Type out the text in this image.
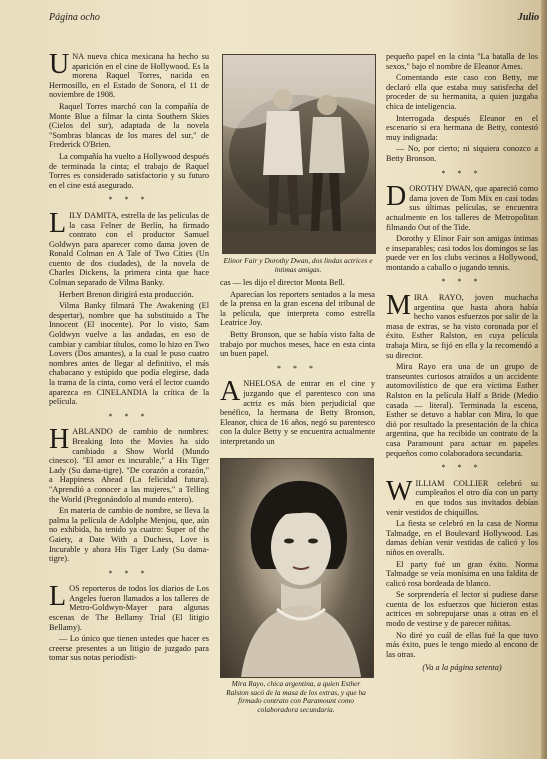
Página ocho	Julio

UNA nueva chica mexicana ha hecho su aparición en el cine de Hollywood. Es la morena Raquel Torres, nacida en Hermosillo, en el Estado de Sonora, el 11 de noviembre de 1908.

Raquel Torres marchó con la compañía de Monte Blue a filmar la cinta Southern Skies (Cielos del sur), adaptada de la novela "Sombras blancas de los mares del sur," de Frederick O'Brien.

La compañía ha vuelto a Hollywood después de terminada la cinta; el trabajo de Raquel Torres es considerado satisfactorio y su futuro en el cine está asegurado.

* * *

LILY DAMITA, estrella de las películas de la casa Felner de Berlín, ha firmado contrato con el productor Samuel Goldwyn para aparecer como dama joven de Ronald Colman en A Tale of Two Cities (Un cuento de dos ciudades), de la novela de Charles Dickens, la primera cinta que hace Colman separado de Vilma Banky.

Herbert Brenon dirigirá esta producción.

Vilma Banky filmará The Awakening (El despertar), nombre que ha substituido a The Innocent (El inocente). Por lo visto, Sam Goldwyn vuelve a las andadas, en eso de cambiar y cambiar títulos, como lo hizo en Two Lovers (Dos amantes), a la cual le puso cuatro nombres antes de llegar al definitivo, el más chabacano y estúpido que podía elegirse, dada la trama de la cinta, como verá el lector cuando aparezca en CINELANDIA la crítica de la película.

* * *

HABLANDO de cambio de nombres: Breaking Into the Movies ha sido cambiado a Show World (Mundo cinesco). "El amor es incurable," a His Tiger Lady (Su dama-tigre). "De corazón a corazón," a Happiness Ahead (La felicidad futura). "Aprendió a conocer a las mujeres," a Telling the World (Pregonándolo al mundo entero).

En materia de cambio de nombre, se lleva la palma la película de Adolphe Menjou, que, aún no exhibida, ha tenido ya cuatro: Super of the Gaiety, a Date With a Duchess, Love is Incurable y ahora His Tiger Lady (Su dama-tigre).

* * *

LOS reporteros de todos los diarios de Los Angeles fueron llamados a los talleres de Metro-Goldwyn-Mayer para algunas escenas de The Bellamy Trial (El litigio Bellamy).

— Lo único que tienen ustedes que hacer es creerse presentes a un litigio de juzgado para tomar sus notas periodísti-

Elinor Fair y Dorothy Dwan, dos lindas actrices e íntimas amigas.

cas — les dijo el director Monta Bell.

Aparecían los reporters sentados a la mesa de la prensa en la gran escena del tribunal de la película, que interpreta como estrella Leatrice Joy.

Betty Bronson, que se había visto falta de trabajo por muchos meses, hace en esta cinta un buen papel.

* * *

ANHELOSA de entrar en el cine y juzgando que el parentesco con una actriz es más bien perjudicial que benéfico, la hermana de Betty Bronson, Eleanor, chica de 16 años, negó su parentesco con la dulce Betty y se encuentra actualmente interpretando un

Mira Rayo, chica argentina, a quien Esther Ralston sacó de la masa de los extras, y que ha firmado contrato con Paramount como colaboradora secundaria.

pequeño papel en la cinta "La batalla de los sexos," bajo el nombre de Eleanor Ames.

Comentando este caso con Betty, me declaró ella que estaba muy satisfecha del proceder de su hermanita, a quien juzgaba chica de inteligencia.

Interrogada después Eleanor en el escenario si era hermana de Betty, contestó muy indignada:

— No, por cierto; ni siquiera conozco a Betty Bronson.

* * *

DOROTHY DWAN, que apareció como dama joven de Tom Mix en casi todas sus últimas películas, se encuentra actualmente en los talleres de Metropolitan filmando Out of the Tide.

Dorothy y Elinor Fair son amigas íntimas e inseparables; casi todos los domingos se las puede ver en los clubs vecinos a Hollywood, montando a caballo o jugando tennis.

* * *

MIRA RAYO, joven muchacha argentina que hasta ahora había hecho vanos esfuerzos por salir de la masa de extras, se ha visto coronada por el éxito. Esther Ralston, en cuya película trabaja Mira, se fijó en ella y la recomendó a su director.

Mira Rayo era una de un grupo de transeuntes curiosos atraídos a un accidente automovilístico de que era víctima Esther Ralston en la película Half a Bride (Medio casada — literal). Terminada la escena, Esther se detuvo a hablar con Mira, lo que dió por resultado la presentación de la chica argentina, que ha recibido un contrato de la casa Paramount para actuar en papeles pequeños como colaboradora secundaria.

* * *

WILLIAM COLLIER celebró su cumpleaños el otro día con un party en que todos sus invitados debían venir vestidos de chiquillos.

La fiesta se celebró en la casa de Norma Talmadge, en el Boulevard Hollywood. Las damas debían venir vestidas de calicó y los niños en overalls.

El party fué un gran éxito. Norma Talmadge se veía monísima en una faldita de calicó rosa bordeada de blanco.

Se sorprendería el lector si pudiese darse cuenta de los esfuerzos que hicieron estas actrices en sobrepujarse unas a otras en el modo de vestirse y de parecer niñitas.

No diré yo cuál de ellas fué la que tuvo más éxito, pues le tengo miedo al encono de las otras.

(Va a la página setenta)
